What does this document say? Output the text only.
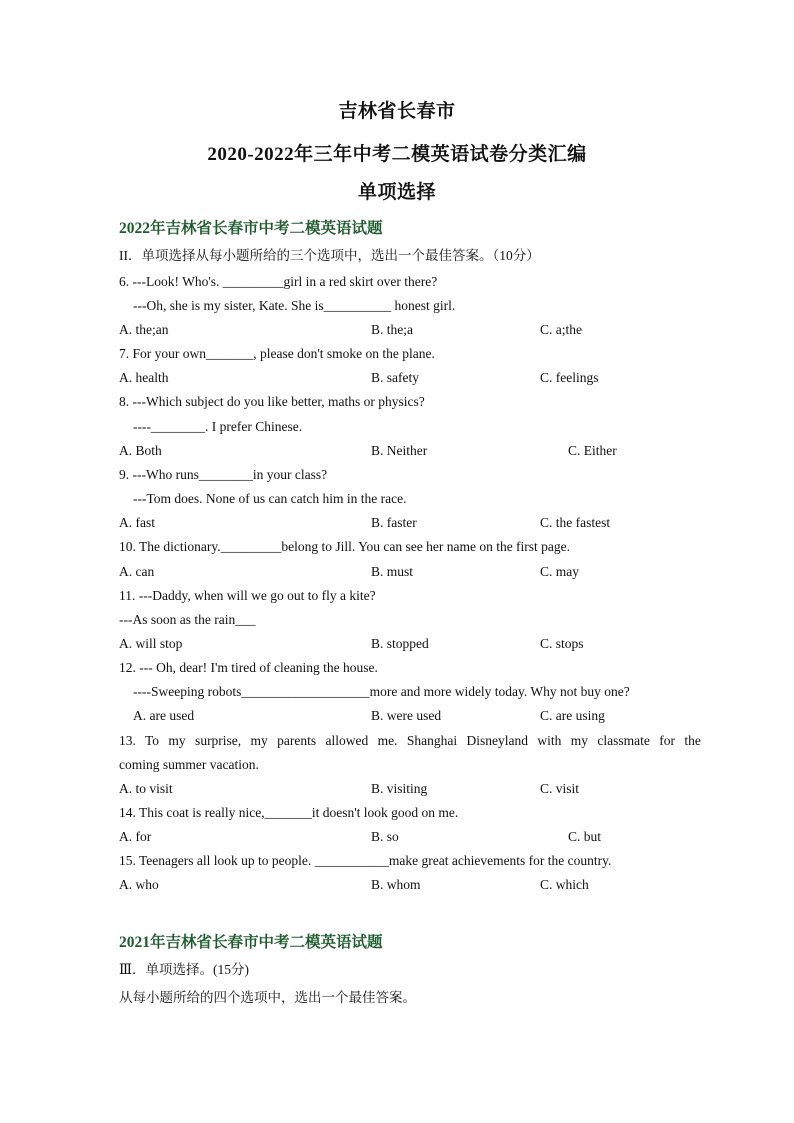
吉林省长春市
2020-2022年三年中考二模英语试卷分类汇编
单项选择
2022年吉林省长春市中考二模英语试题
II．单项选择从每小题所给的三个选项中，选出一个最佳答案。（10分）
6. ---Look! Who's. _________girl in a red skirt over there?
---Oh, she is my sister, Kate. She is__________ honest girl.
A. the;an	B. the;a	C. a;the
7. For your own_______, please don't smoke on the plane.
A. health	B. safety	C. feelings
8. ---Which subject do you like better, maths or physics?
----________. I prefer Chinese.
A. Both	B. Neither	C. Either
9. ---Who runs________in your class?
---Tom does. None of us can catch him in the race.
A. fast	B. faster	C. the fastest
10. The dictionary._________belong to Jill. You can see her name on the first page.
A. can	B. must	C. may
11. ---Daddy, when will we go out to fly a kite?
---As soon as the rain___
A. will stop	B. stopped	C. stops
12. --- Oh, dear! I'm tired of cleaning the house.
----Sweeping robots___________________more and more widely today. Why not buy one?
A. are used	B. were used	C. are using
13. To my surprise, my parents allowed me. Shanghai Disneyland with my classmate for the
coming summer vacation.
A. to visit	B. visiting	C. visit
14. This coat is really nice,_______it doesn't look good on me.
A. for	B. so	C. but
15. Teenagers all look up to people. ___________make great achievements for the country.
A. who	B. whom	C. which
2021年吉林省长春市中考二模英语试题
Ⅲ．单项选择。(15分)
从每小题所给的四个选项中，选出一个最佳答案。
